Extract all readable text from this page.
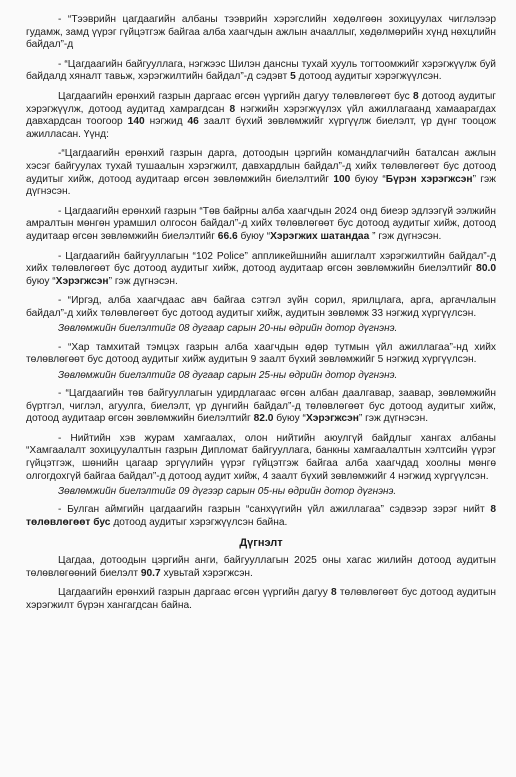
- “Тээврийн цагдаагийн албаны тээврийн хэрэгслийн хөдөлгөөн зохицуулах чиглэлээр гудамж, замд үүрэг гүйцэтгэж байгаа алба хаагчдын ажлын ачааллыг, хөдөлмөрийн хүнд нөхцлийн байдал”-д

- “Цагдаагийн байгууллага, нэгжээс Шилэн дансны тухай хууль тогтоомжийг хэрэгжүүлж буй байдалд хяналт тавьж, хэрэгжилтийн байдал”-д сэдэвт 5 дотоод аудитыг хэрэгжүүлсэн.

Цагдаагийн ерөнхий газрын даргаас өгсөн үүргийн дагуу төлөвлөгөөт бус 8 дотоод аудитыг хэрэгжүүлж, дотоод аудитад хамрагдсан 8 нэгжийн хэрэгжүүлэх үйл ажиллагаанд хамаарагдах давхардсан тоогоор 140 нэгжид 46 заалт бүхий зөвлөмжийг хүргүүлж биелэлт, үр дүнг тооцож ажилласан. Үүнд:

-“Цагдаагийн ерөнхий газрын дарга, дотоодын цэргийн командлагчийн баталсан ажлын хэсэг байгуулах тухай тушаалын хэрэгжилт, давхардлын байдал”-д хийх төлөвлөгөөт бус дотоод аудитыг хийж, дотоод аудитаар өгсөн зөвлөмжийн биелэлтийг 100 буюу “Бүрэн хэрэгжсэн” гэж дүгнэсэн.

- Цагдаагийн ерөнхий газрын “Төв байрны алба хаагчдын 2024 онд биеэр эдлээгүй ээлжийн амралтын мөнгөн урамшил олгосон байдал”-д хийх төлөвлөгөөт бус дотоод аудитыг хийж, дотоод аудитаар өгсөн зөвлөмжийн биелэлтийг 66.6 буюу “Хэрэгжих шатандаа ” гэж дүгнэсэн.

- Цагдаагийн байгууллагын “102 Police” аппликейшнийн ашиглалт хэрэгжилтийн байдал”-д хийх төлөвлөгөөт бус дотоод аудитыг хийж, дотоод аудитаар өгсөн зөвлөмжийн биелэлтийг 80.0 буюу “Хэрэгжсэн” гэж дүгнэсэн.

- “Иргэд, алба хаагчдаас авч байгаа сэтгэл зүйн сорил, ярилцлага, арга, аргачлалын байдал”-д хийх төлөвлөгөөт бус дотоод аудитыг хийж, аудитын зөвлөмж 33 нэгжид хүргүүлсэн.

Зөвлөмжийн биелэлтийг 08 дугаар сарын 20-ны өдрийн дотор дүгнэнэ.

- “Хар тамхитай тэмцэх газрын алба хаагчдын өдөр тутмын үйл ажиллагаа”-нд хийх төлөвлөгөөт бус дотоод аудитыг хийж аудитын 9 заалт бүхий зөвлөмжийг 5 нэгжид хүргүүлсэн.

Зөвлөмжийн биелэлтийг 08 дугаар сарын 25-ны өдрийн дотор дүгнэнэ.

- “Цагдаагийн төв байгууллагын удирдлагаас өгсөн албан даалгавар, заавар, зөвлөмжийн бүртгэл, чиглэл, агуулга, биелэлт, үр дүнгийн байдал”-д төлөвлөгөөт бус дотоод аудитыг хийж, дотоод аудитаар өгсөн зөвлөмжийн биелэлтийг 82.0 буюу “Хэрэгжсэн” гэж дүгнэсэн.

- Нийтийн хэв журам хамгаалах, олон нийтийн аюулгүй байдлыг хангах албаны “Хамгаалалт зохицуулалтын газрын Дипломат байгууллага, банкны хамгаалалтын хэлтсийн үүрэг гүйцэтгэж, шөнийн цагаар эргүүлийн үүрэг гүйцэтгэж байгаа алба хаагчдад хоолны мөнгө олгогдохгүй байгаа байдал”-д дотоод аудит хийж, 4 заалт бүхий зөвлөмжийг 4 нэгжид хүргүүлсэн.

Зөвлөмжийн биелэлтийг 09 дүгээр сарын 05-ны өдрийн дотор дүгнэнэ.

- Булган аймгийн цагдаагийн газрын “санхүүгийн үйл ажиллагаа” сэдвээр зэрэг нийт 8 төлөвлөгөөт бус дотоод аудитыг хэрэгжүүлсэн байна.

Дүгнэлт

Цагдаа, дотоодын цэргийн анги, байгууллагын 2025 оны хагас жилийн дотоод аудитын төлөвлөгөөний биелэлт 90.7 хувьтай хэрэгжсэн.

Цагдаагийн ерөнхий газрын даргаас өгсөн үүргийн дагуу 8 төлөвлөгөөт бус дотоод аудитын хэрэгжилт бүрэн хангагдсан байна.
